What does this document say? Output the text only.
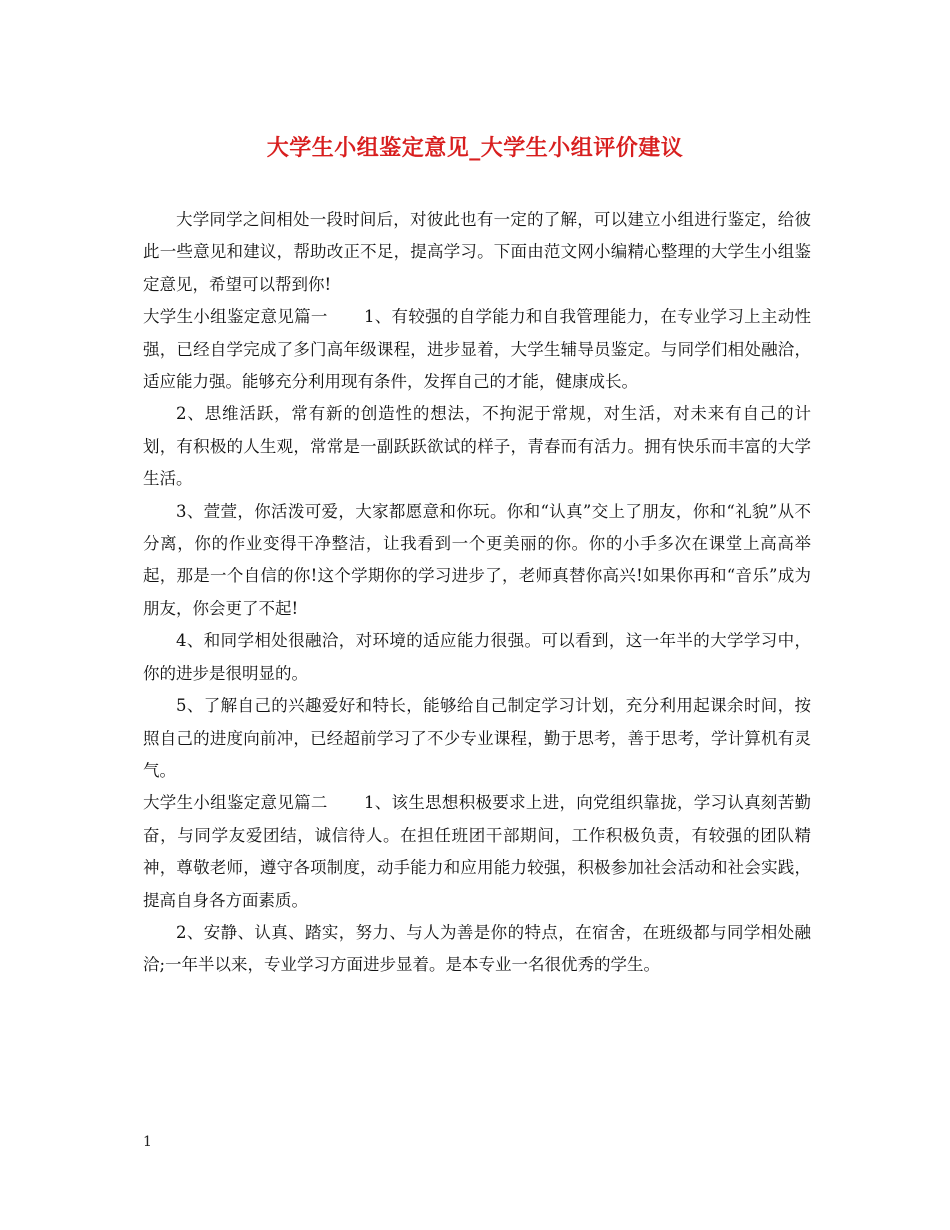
大学生小组鉴定意见_大学生小组评价建议

大学同学之间相处一段时间后，对彼此也有一定的了解，可以建立小组进行鉴定，给彼此一些意见和建议，帮助改正不足，提高学习。下面由范文网小编精心整理的大学生小组鉴定意见，希望可以帮到你!

大学生小组鉴定意见篇一 1、有较强的自学能力和自我管理能力，在专业学习上主动性强，已经自学完成了多门高年级课程，进步显着，大学生辅导员鉴定。与同学们相处融洽，适应能力强。能够充分利用现有条件，发挥自己的才能，健康成长。

2、思维活跃，常有新的创造性的想法，不拘泥于常规，对生活，对未来有自己的计划，有积极的人生观，常常是一副跃跃欲试的样子，青春而有活力。拥有快乐而丰富的大学生活。

3、萱萱，你活泼可爱，大家都愿意和你玩。你和“认真”交上了朋友，你和“礼貌”从不分离，你的作业变得干净整洁，让我看到一个更美丽的你。你的小手多次在课堂上高高举起，那是一个自信的你!这个学期你的学习进步了，老师真替你高兴!如果你再和“音乐”成为朋友，你会更了不起!

4、和同学相处很融洽，对环境的适应能力很强。可以看到，这一年半的大学学习中，你的进步是很明显的。

5、了解自己的兴趣爱好和特长，能够给自己制定学习计划，充分利用起课余时间，按照自己的进度向前冲，已经超前学习了不少专业课程，勤于思考，善于思考，学计算机有灵气。

大学生小组鉴定意见篇二 1、该生思想积极要求上进，向党组织靠拢，学习认真刻苦勤奋，与同学友爱团结，诚信待人。在担任班团干部期间，工作积极负责，有较强的团队精神，尊敬老师，遵守各项制度，动手能力和应用能力较强，积极参加社会活动和社会实践，提高自身各方面素质。

2、安静、认真、踏实，努力、与人为善是你的特点，在宿舍，在班级都与同学相处融洽;一年半以来，专业学习方面进步显着。是本专业一名很优秀的学生。

1
